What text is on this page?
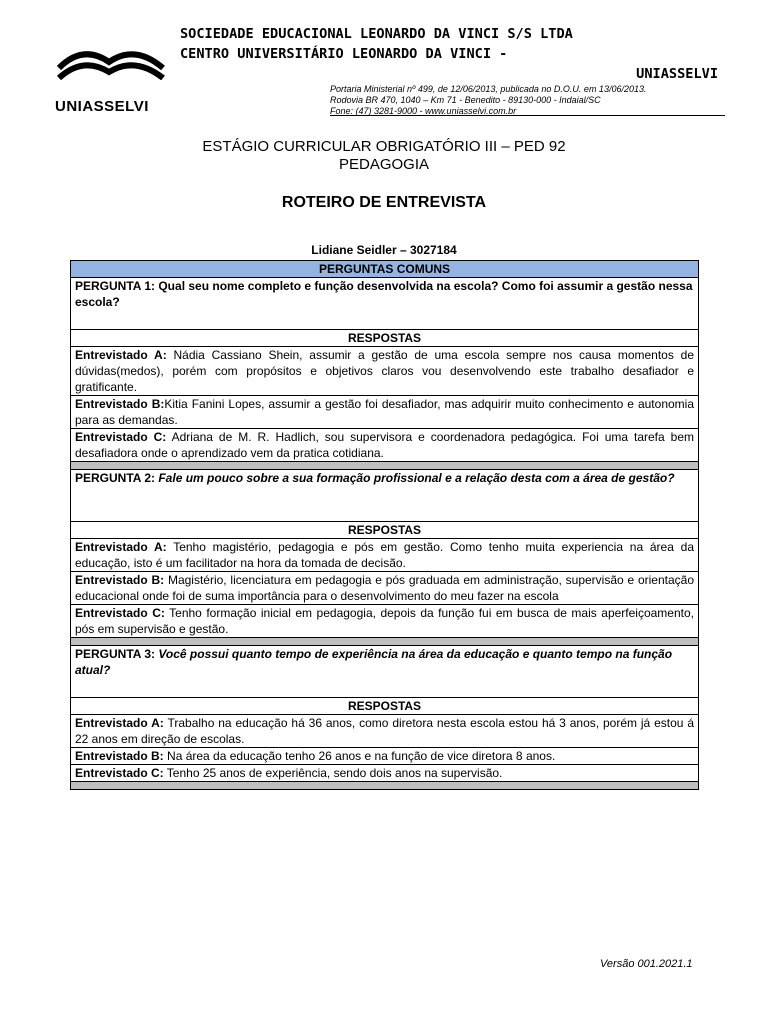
UNIASSELVI
SOCIEDADE EDUCACIONAL LEONARDO DA VINCI S/S LTDA
CENTRO UNIVERSITÁRIO LEONARDO DA VINCI -
UNIASSELVI
Portaria Ministerial nº 499, de 12/06/2013, publicada no D.O.U. em 13/06/2013.
Rodovia BR 470, 1040 – Km 71 - Benedito - 89130-000 - Indaial/SC
Fone: (47) 3281-9000 - www.uniasselvi.com.br
ESTÁGIO CURRICULAR OBRIGATÓRIO III – PED 92
PEDAGOGIA
ROTEIRO DE ENTREVISTA
Lidiane Seidler – 3027184
PERGUNTAS COMUNS
PERGUNTA 1: Qual seu nome completo e função desenvolvida na escola? Como foi assumir a gestão nessa escola?
RESPOSTAS
Entrevistado A: Nádia Cassiano Shein, assumir a gestão de uma escola sempre nos causa momentos de dúvidas(medos), porém com propósitos e objetivos claros vou desenvolvendo este trabalho desafiador e gratificante.
Entrevistado B:Kitia Fanini Lopes, assumir a gestão foi desafiador, mas adquirir muito conhecimento e autonomia para as demandas.
Entrevistado C: Adriana de M. R. Hadlich, sou supervisora e coordenadora pedagógica. Foi uma tarefa bem desafiadora onde o aprendizado vem da pratica cotidiana.

PERGUNTA 2: Fale um pouco sobre a sua formação profissional e a relação desta com a área de gestão?
RESPOSTAS
Entrevistado A: Tenho magistério, pedagogia e pós em gestão. Como tenho muita experiencia na área da educação, isto é um facilitador na hora da tomada de decisão.
Entrevistado B: Magistério, licenciatura em pedagogia e pós graduada em administração, supervisão e orientação educacional onde foi de suma importância para o desenvolvimento do meu fazer na escola
Entrevistado C: Tenho formação inicial em pedagogia, depois da função fui em busca de mais aperfeiçoamento, pós em supervisão e gestão.

PERGUNTA 3: Você possui quanto tempo de experiência na área da educação e quanto tempo na função atual?
RESPOSTAS
Entrevistado A: Trabalho na educação há 36 anos, como diretora nesta escola estou há 3 anos, porém já estou á 22 anos em direção de escolas.
Entrevistado B: Na área da educação tenho 26 anos e na função de vice diretora 8 anos.
Entrevistado C: Tenho 25 anos de experiência, sendo dois anos na supervisão.

Versão 001.2021.1
